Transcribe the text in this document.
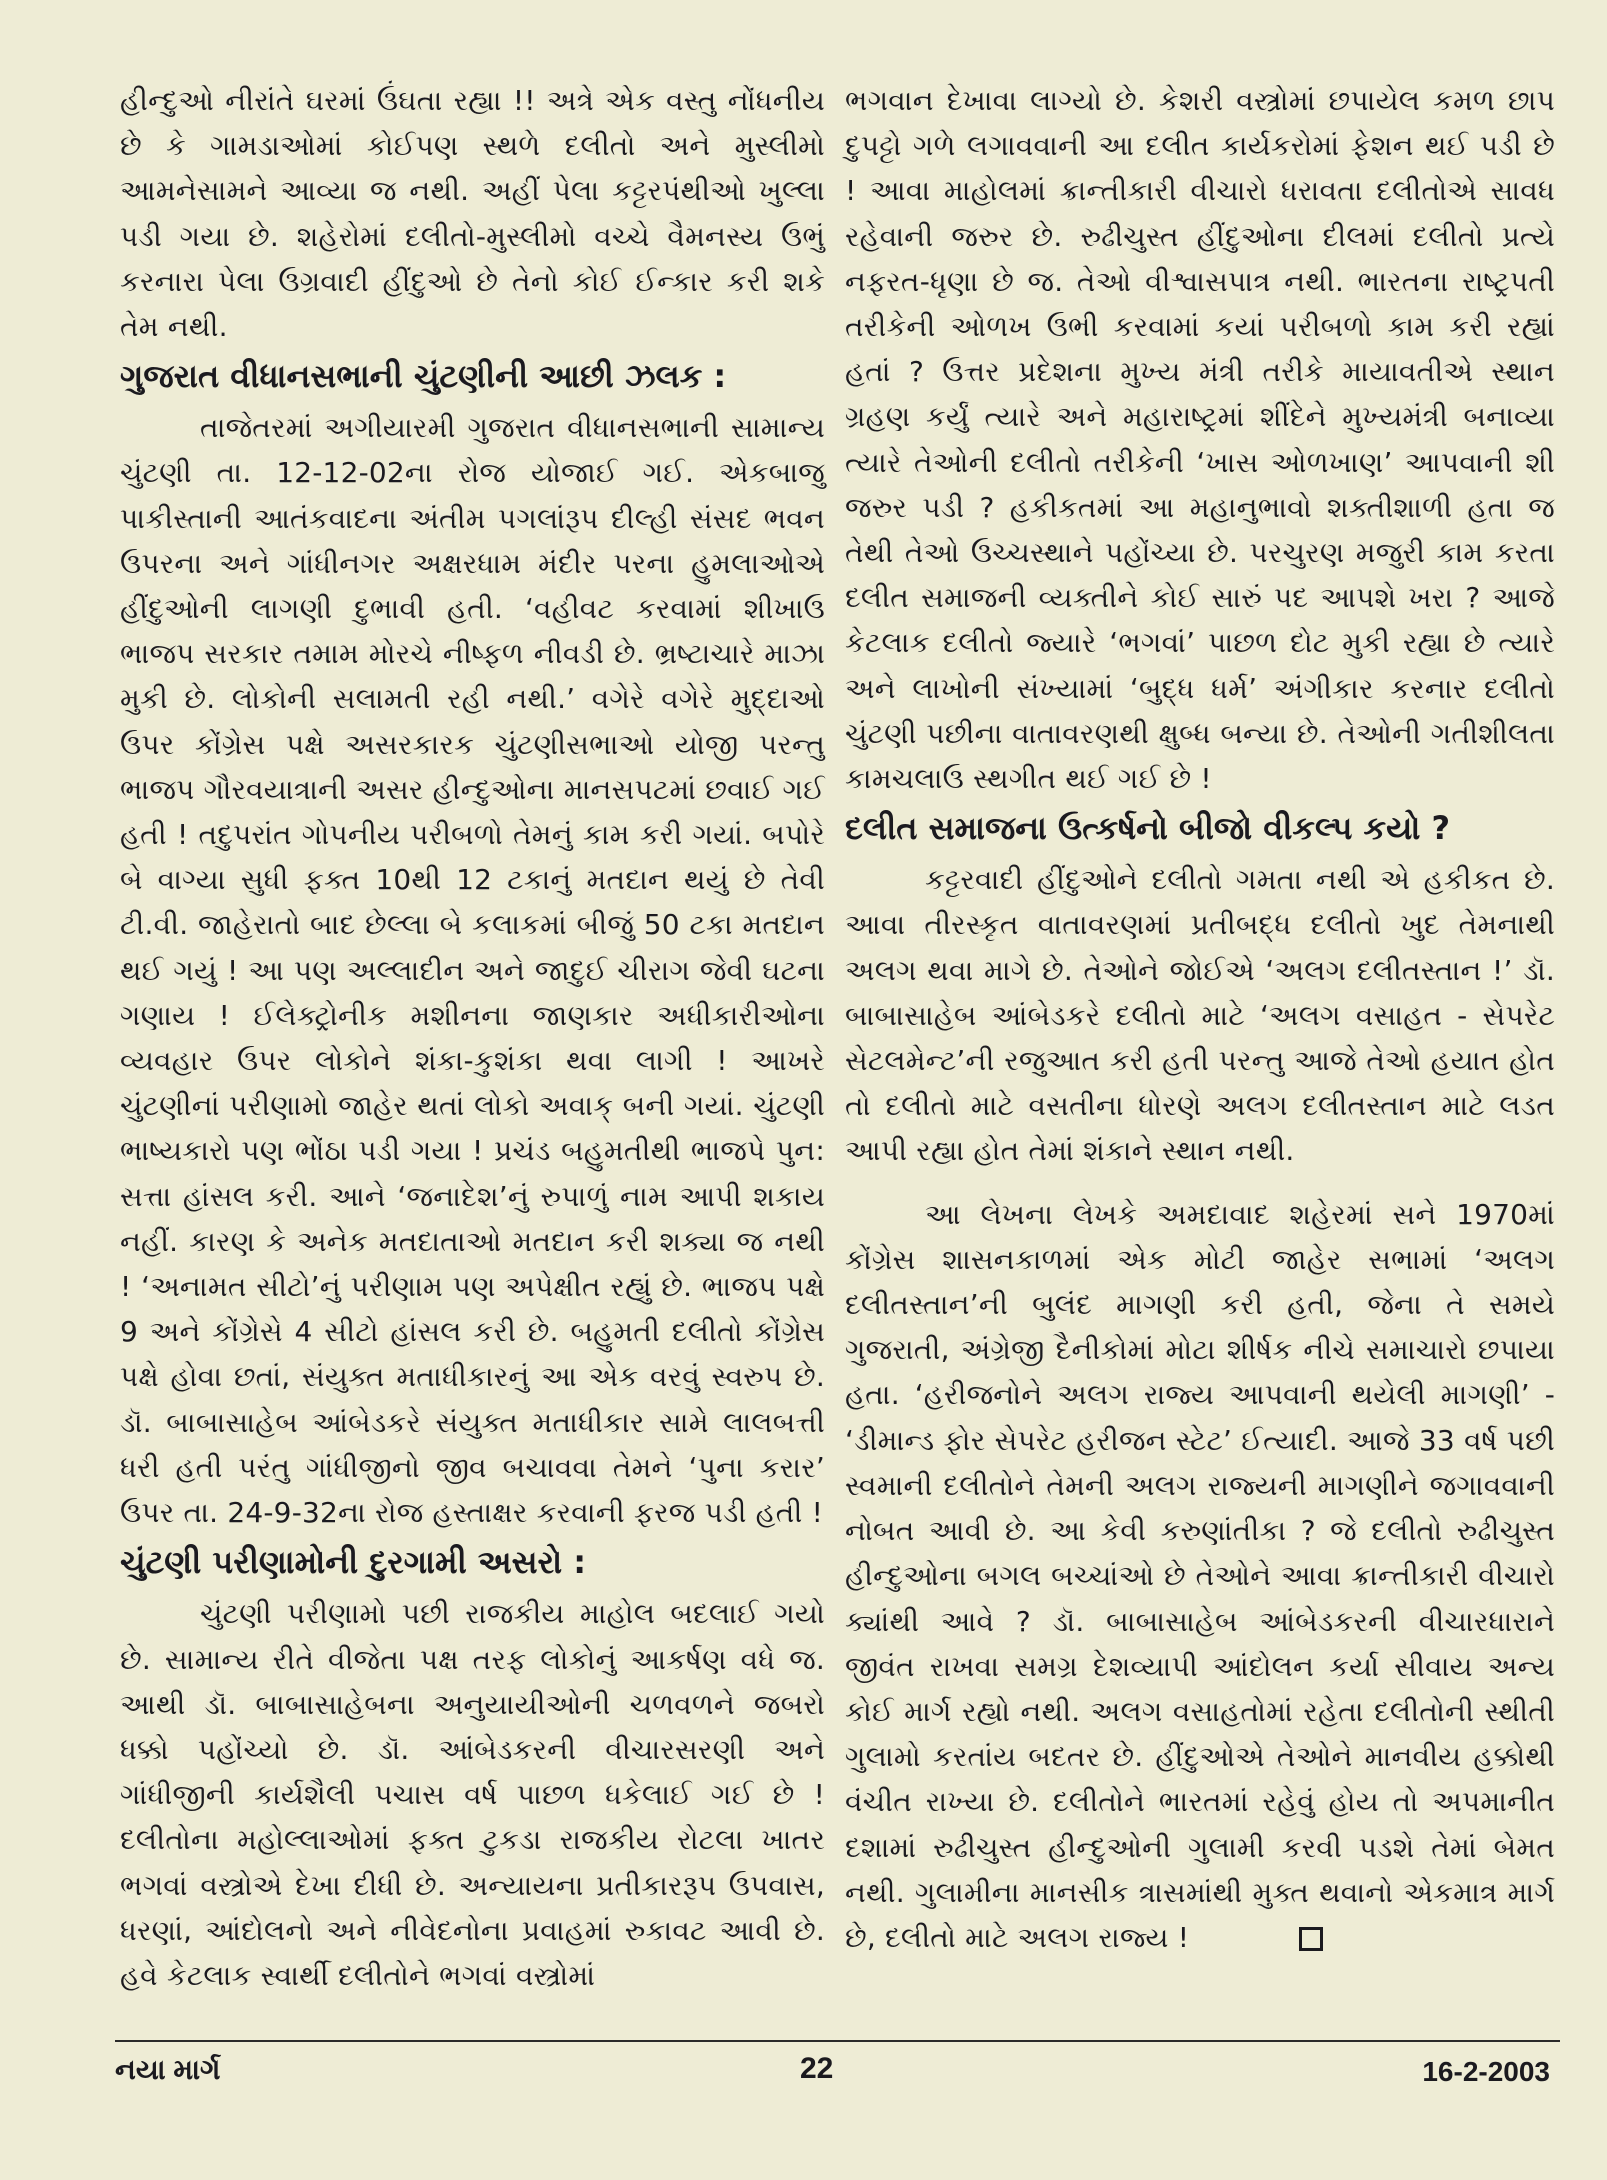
હીન્દુઓ નીરાંતે ઘરમાં ઉંઘતા રહ્યા !! અત્રે એક વસ્તુ નોંધનીય છે કે ગામડાઓમાં કોઈપણ સ્થળે દલીતો અને મુસ્લીમો આમનેસામને આવ્યા જ નથી. અહીં પેલા કટ્ટરપંથીઓ ખુલ્લા પડી ગયા છે. શહેરોમાં દલીતો-મુસ્લીમો વચ્ચે વૈમનસ્ય ઉભું કરનારા પેલા ઉગ્રવાદી હીંદુઓ છે તેનો કોઈ ઈન્કાર કરી શકે તેમ નથી.

ગુજરાત વીધાનસભાની ચુંટણીની આછી ઝલક :

તાજેતરમાં અગીયારમી ગુજરાત વીધાનસભાની સામાન્ય ચુંટણી તા. 12-12-02ના રોજ યોજાઈ ગઈ. એકબાજુ પાકીસ્તાની આતંકવાદના અંતીમ પગલાંરૂપ દીલ્હી સંસદ ભવન ઉપરના અને ગાંધીનગર અક્ષરધામ મંદીર પરના હુમલાઓએ હીંદુઓની લાગણી દુભાવી હતી. ‘વહીવટ કરવામાં શીખાઉ ભાજપ સરકાર તમામ મોરચે નીષ્ફળ નીવડી છે. ભ્રષ્ટાચારે માઝા મુકી છે. લોકોની સલામતી રહી નથી.’ વગેરે વગેરે મુદ્દાઓ ઉપર કોંગ્રેસ પક્ષે અસરકારક ચુંટણીસભાઓ યોજી પરન્તુ ભાજપ ગૌરવયાત્રાની અસર હીન્દુઓના માનસપટમાં છવાઈ ગઈ હતી ! તદુપરાંત ગોપનીય પરીબળો તેમનું કામ કરી ગયાં. બપોરે બે વાગ્યા સુધી ફક્ત 10થી 12 ટકાનું મતદાન થયું છે તેવી ટી.વી. જાહેરાતો બાદ છેલ્લા બે કલાકમાં બીજું 50 ટકા મતદાન થઈ ગયું ! આ પણ અલ્લાદીન અને જાદુઈ ચીરાગ જેવી ઘટના ગણાય ! ઈલેક્ટ્રોનીક મશીનના જાણકાર અધીકારીઓના વ્યવહાર ઉપર લોકોને શંકા-કુશંકા થવા લાગી ! આખરે ચુંટણીનાં પરીણામો જાહેર થતાં લોકો અવાક્ બની ગયાં. ચુંટણી ભાષ્યકારો પણ ભોંઠા પડી ગયા ! પ્રચંડ બહુમતીથી ભાજપે પુન: સત્તા હાંસલ કરી. આને ‘જનાદેશ’નું રુપાળું નામ આપી શકાય નહીં. કારણ કે અનેક મતદાતાઓ મતદાન કરી શક્યા જ નથી ! ‘અનામત સીટો’નું પરીણામ પણ અપેક્ષીત રહ્યું છે. ભાજપ પક્ષે 9 અને કોંગ્રેસે 4 સીટો હાંસલ કરી છે. બહુમતી દલીતો કોંગ્રેસ પક્ષે હોવા છતાં, સંયુક્ત મતાધીકારનું આ એક વરવું સ્વરુપ છે. ડૉ. બાબાસાહેબ આંબેડકરે સંયુક્ત મતાધીકાર સામે લાલબત્તી ધરી હતી પરંતુ ગાંધીજીનો જીવ બચાવવા તેમને ‘પુના કરાર’ ઉપર તા. 24-9-32ના રોજ હસ્તાક્ષર કરવાની ફરજ પડી હતી !

ચુંટણી પરીણામોની દુરગામી અસરો :

ચુંટણી પરીણામો પછી રાજકીય માહોલ બદલાઈ ગયો છે. સામાન્ય રીતે વીજેતા પક્ષ તરફ લોકોનું આકર્ષણ વધે જ. આથી ડૉ. બાબાસાહેબના અનુયાયીઓની ચળવળને જબરો ધક્કો પહોંચ્યો છે. ડૉ. આંબેડકરની વીચારસરણી અને ગાંધીજીની કાર્યશૈલી પચાસ વર્ષ પાછળ ધકેલાઈ ગઈ છે ! દલીતોના મહોલ્લાઓમાં ફક્ત ટુકડા રાજકીય રોટલા ખાતર ભગવાં વસ્ત્રોએ દેખા દીધી છે. અન્યાયના પ્રતીકારરૂપ ઉપવાસ, ધરણાં, આંદોલનો અને નીવેદનોના પ્રવાહમાં રુકાવટ આવી છે. હવે કેટલાક સ્વાર્થી દલીતોને ભગવાં વસ્ત્રોમાં

ભગવાન દેખાવા લાગ્યો છે. કેશરી વસ્ત્રોમાં છપાયેલ કમળ છાપ દુપટ્ટો ગળે લગાવવાની આ દલીત કાર્યકરોમાં ફેશન થઈ પડી છે ! આવા માહોલમાં ક્રાન્તીકારી વીચારો ધરાવતા દલીતોએ સાવધ રહેવાની જરુર છે. રુઢીચુસ્ત હીંદુઓના દીલમાં દલીતો પ્રત્યે નફરત-ધૃણા છે જ. તેઓ વીશ્વાસપાત્ર નથી. ભારતના રાષ્ટ્રપતી તરીકેની ઓળખ ઉભી કરવામાં કયાં પરીબળો કામ કરી રહ્યાં હતાં ? ઉત્તર પ્રદેશના મુખ્ય મંત્રી તરીકે માયાવતીએ સ્થાન ગ્રહણ કર્યું ત્યારે અને મહારાષ્ટ્રમાં શીંદેને મુખ્યમંત્રી બનાવ્યા ત્યારે તેઓની દલીતો તરીકેની ‘ખાસ ઓળખાણ’ આપવાની શી જરુર પડી ? હકીકતમાં આ મહાનુભાવો શક્તીશાળી હતા જ તેથી તેઓ ઉચ્ચસ્થાને પહોંચ્યા છે. પરચુરણ મજુરી કામ કરતા દલીત સમાજની વ્યક્તીને કોઈ સારું પદ આપશે ખરા ? આજે કેટલાક દલીતો જ્યારે ‘ભગવાં’ પાછળ દોટ મુકી રહ્યા છે ત્યારે અને લાખોની સંખ્યામાં ‘બુદ્ધ ધર્મ’ અંગીકાર કરનાર દલીતો ચુંટણી પછીના વાતાવરણથી ક્ષુબ્ધ બન્યા છે. તેઓની ગતીશીલતા કામચલાઉ સ્થગીત થઈ ગઈ છે !

દલીત સમાજના ઉત્કર્ષનો બીજો વીકલ્પ કયો ?

કટ્ટરવાદી હીંદુઓને દલીતો ગમતા નથી એ હકીકત છે. આવા તીરસ્કૃત વાતાવરણમાં પ્રતીબદ્ધ દલીતો ખુદ તેમનાથી અલગ થવા માગે છે. તેઓને જોઈએ ‘અલગ દલીતસ્તાન !’ ડૉ. બાબાસાહેબ આંબેડકરે દલીતો માટે ‘અલગ વસાહત - સેપરેટ સેટલમેન્ટ’ની રજુઆત કરી હતી પરન્તુ આજે તેઓ હયાત હોત તો દલીતો માટે વસતીના ધોરણે અલગ દલીતસ્તાન માટે લડત આપી રહ્યા હોત તેમાં શંકાને સ્થાન નથી.

આ લેખના લેખકે અમદાવાદ શહેરમાં સને 1970માં કોંગ્રેસ શાસનકાળમાં એક મોટી જાહેર સભામાં ‘અલગ દલીતસ્તાન’ની બુલંદ માગણી કરી હતી, જેના તે સમયે ગુજરાતી, અંગ્રેજી દૈનીકોમાં મોટા શીર્ષક નીચે સમાચારો છપાયા હતા. ‘હરીજનોને અલગ રાજ્ય આપવાની થયેલી માગણી’ - ‘ડીમાન્ડ ફોર સેપરેટ હરીજન સ્ટેટ’ ઈત્યાદી. આજે 33 વર્ષ પછી સ્વમાની દલીતોને તેમની અલગ રાજ્યની માગણીને જગાવવાની નોબત આવી છે. આ કેવી કરુણાંતીકા ? જે દલીતો રુઢીચુસ્ત હીન્દુઓના બગલ બચ્ચાંઓ છે તેઓને આવા ક્રાન્તીકારી વીચારો ક્યાંથી આવે ? ડૉ. બાબાસાહેબ આંબેડકરની વીચારધારાને જીવંત રાખવા સમગ્ર દેશવ્યાપી આંદોલન કર્યા સીવાય અન્ય કોઈ માર્ગ રહ્યો નથી. અલગ વસાહતોમાં રહેતા દલીતોની સ્થીતી ગુલામો કરતાંય બદતર છે. હીંદુઓએ તેઓને માનવીય હક્કોથી વંચીત રાખ્યા છે. દલીતોને ભારતમાં રહેવું હોય તો અપમાનીત દશામાં રુઢીચુસ્ત હીન્દુઓની ગુલામી કરવી પડશે તેમાં બેમત નથી. ગુલામીના માનસીક ત્રાસમાંથી મુક્ત થવાનો એકમાત્ર માર્ગ છે, દલીતો માટે અલગ રાજ્ય !

નયા માર્ગ	22	16-2-2003
